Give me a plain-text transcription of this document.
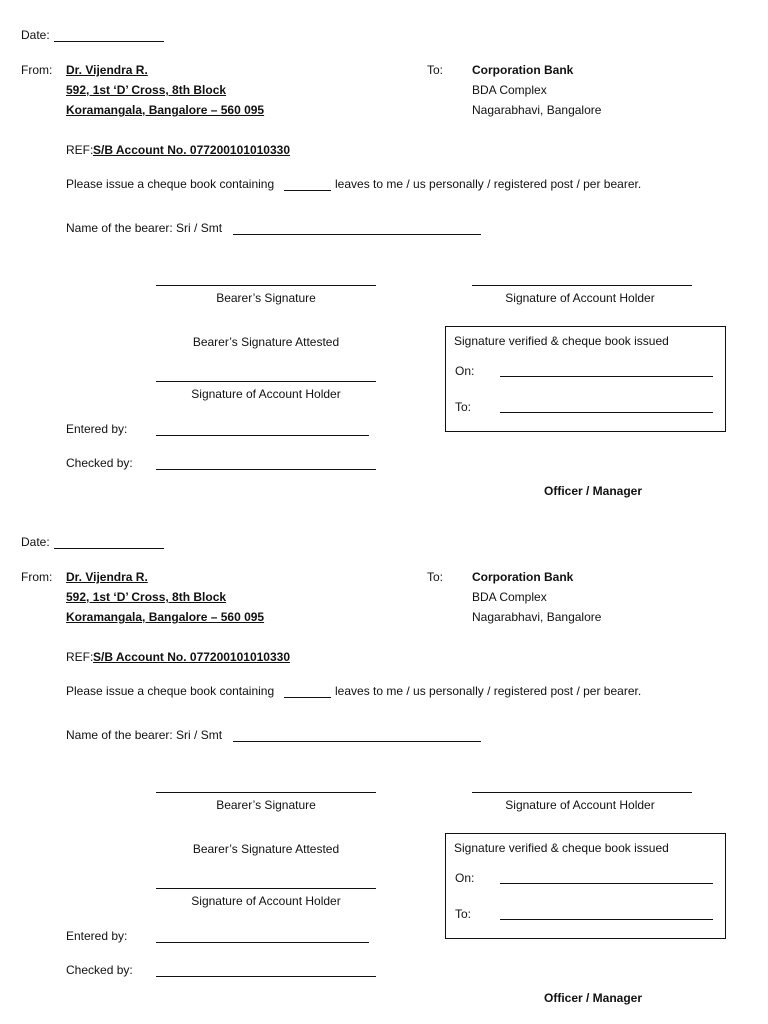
Date:
From: Dr. Vijendra R.
592, 1st ‘D’ Cross, 8th Block
Koramangala, Bangalore – 560 095
To: Corporation Bank
BDA Complex
Nagarabhavi, Bangalore
REF: S/B Account No. 077200101010330
Please issue a cheque book containing	leaves to me / us personally / registered post / per bearer.
Name of the bearer: Sri / Smt
Bearer’s Signature	Signature of Account Holder
Bearer’s Signature Attested
Signature of Account Holder
Signature verified & cheque book issued
On:
To:
Entered by:
Checked by:
Officer / Manager
Date:
From: Dr. Vijendra R.
592, 1st ‘D’ Cross, 8th Block
Koramangala, Bangalore – 560 095
To: Corporation Bank
BDA Complex
Nagarabhavi, Bangalore
REF: S/B Account No. 077200101010330
Please issue a cheque book containing	leaves to me / us personally / registered post / per bearer.
Name of the bearer: Sri / Smt
Bearer’s Signature	Signature of Account Holder
Bearer’s Signature Attested
Signature of Account Holder
Signature verified & cheque book issued
On:
To:
Entered by:
Checked by:
Officer / Manager
